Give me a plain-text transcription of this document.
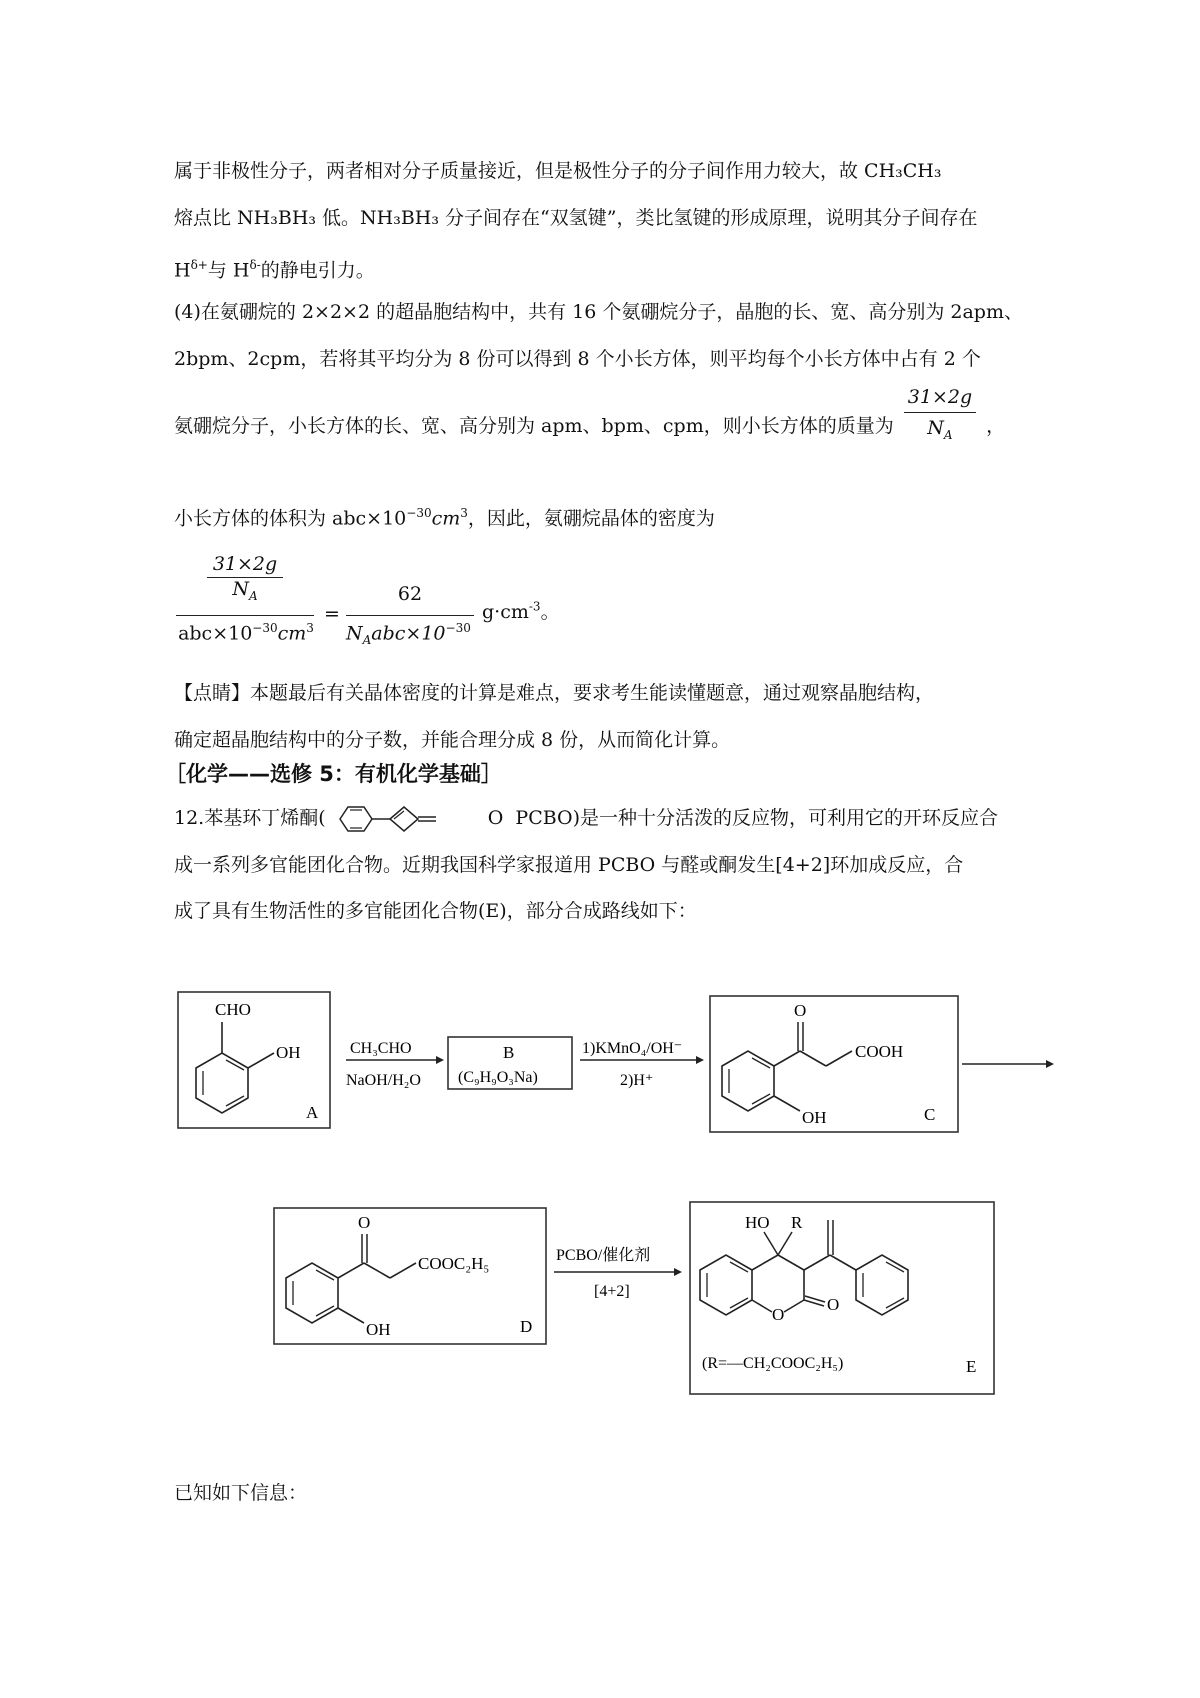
属于非极性分子，两者相对分子质量接近，但是极性分子的分子间作用力较大，故 CH₃CH₃
熔点比 NH₃BH₃ 低。NH₃BH₃ 分子间存在“双氢键”，类比氢键的形成原理，说明其分子间存在
$H^{\delta+}$与 $H^{\delta-}$的静电引力。
(4)在氨硼烷的 2×2×2 的超晶胞结构中，共有 16 个氨硼烷分子，晶胞的长、宽、高分别为 2apm、
2bpm、2cpm，若将其平均分为 8 份可以得到 8 个小长方体，则平均每个小长方体中占有 2 个
氨硼烷分子，小长方体的长、宽、高分别为 apm、bpm、cpm，则小长方体的质量为 $\frac{31\times 2g}{N_A}$ ，
小长方体的体积为 $abc\times 10^{-30}cm^3$，因此，氨硼烷晶体的密度为
$\frac{31\times 2g}{N_A}$
$abc\times 10^{-30}cm^3$
=
62
$N_Aabc\times 10^{-30}$
$g\cdot cm^{-3}$。
【点睛】本题最后有关晶体密度的计算是难点，要求考生能读懂题意，通过观察晶胞结构，
确定超晶胞结构中的分子数，并能合理分成 8 份，从而简化计算。
［化学——选修 5：有机化学基础］
12.苯基环丁烯酮(	O PCBO)是一种十分活泼的反应物，可利用它的开环反应合
成一系列多官能团化合物。近期我国科学家报道用 PCBO 与醛或酮发生[4+2]环加成反应，合
成了具有生物活性的多官能团化合物(E)，部分合成路线如下：
CHO
OH
A
CH₃CHO
NaOH/H₂O
B
(C₉H₉O₃Na)
1)KMnO₄/OH⁻
2)H⁺
O
COOH
OH	C
O
COOC₂H₅
OH	D
PCBO/催化剂
[4+2]
HO R
O
O
(R=—CH₂COOC₂H₅)	E
已知如下信息：
